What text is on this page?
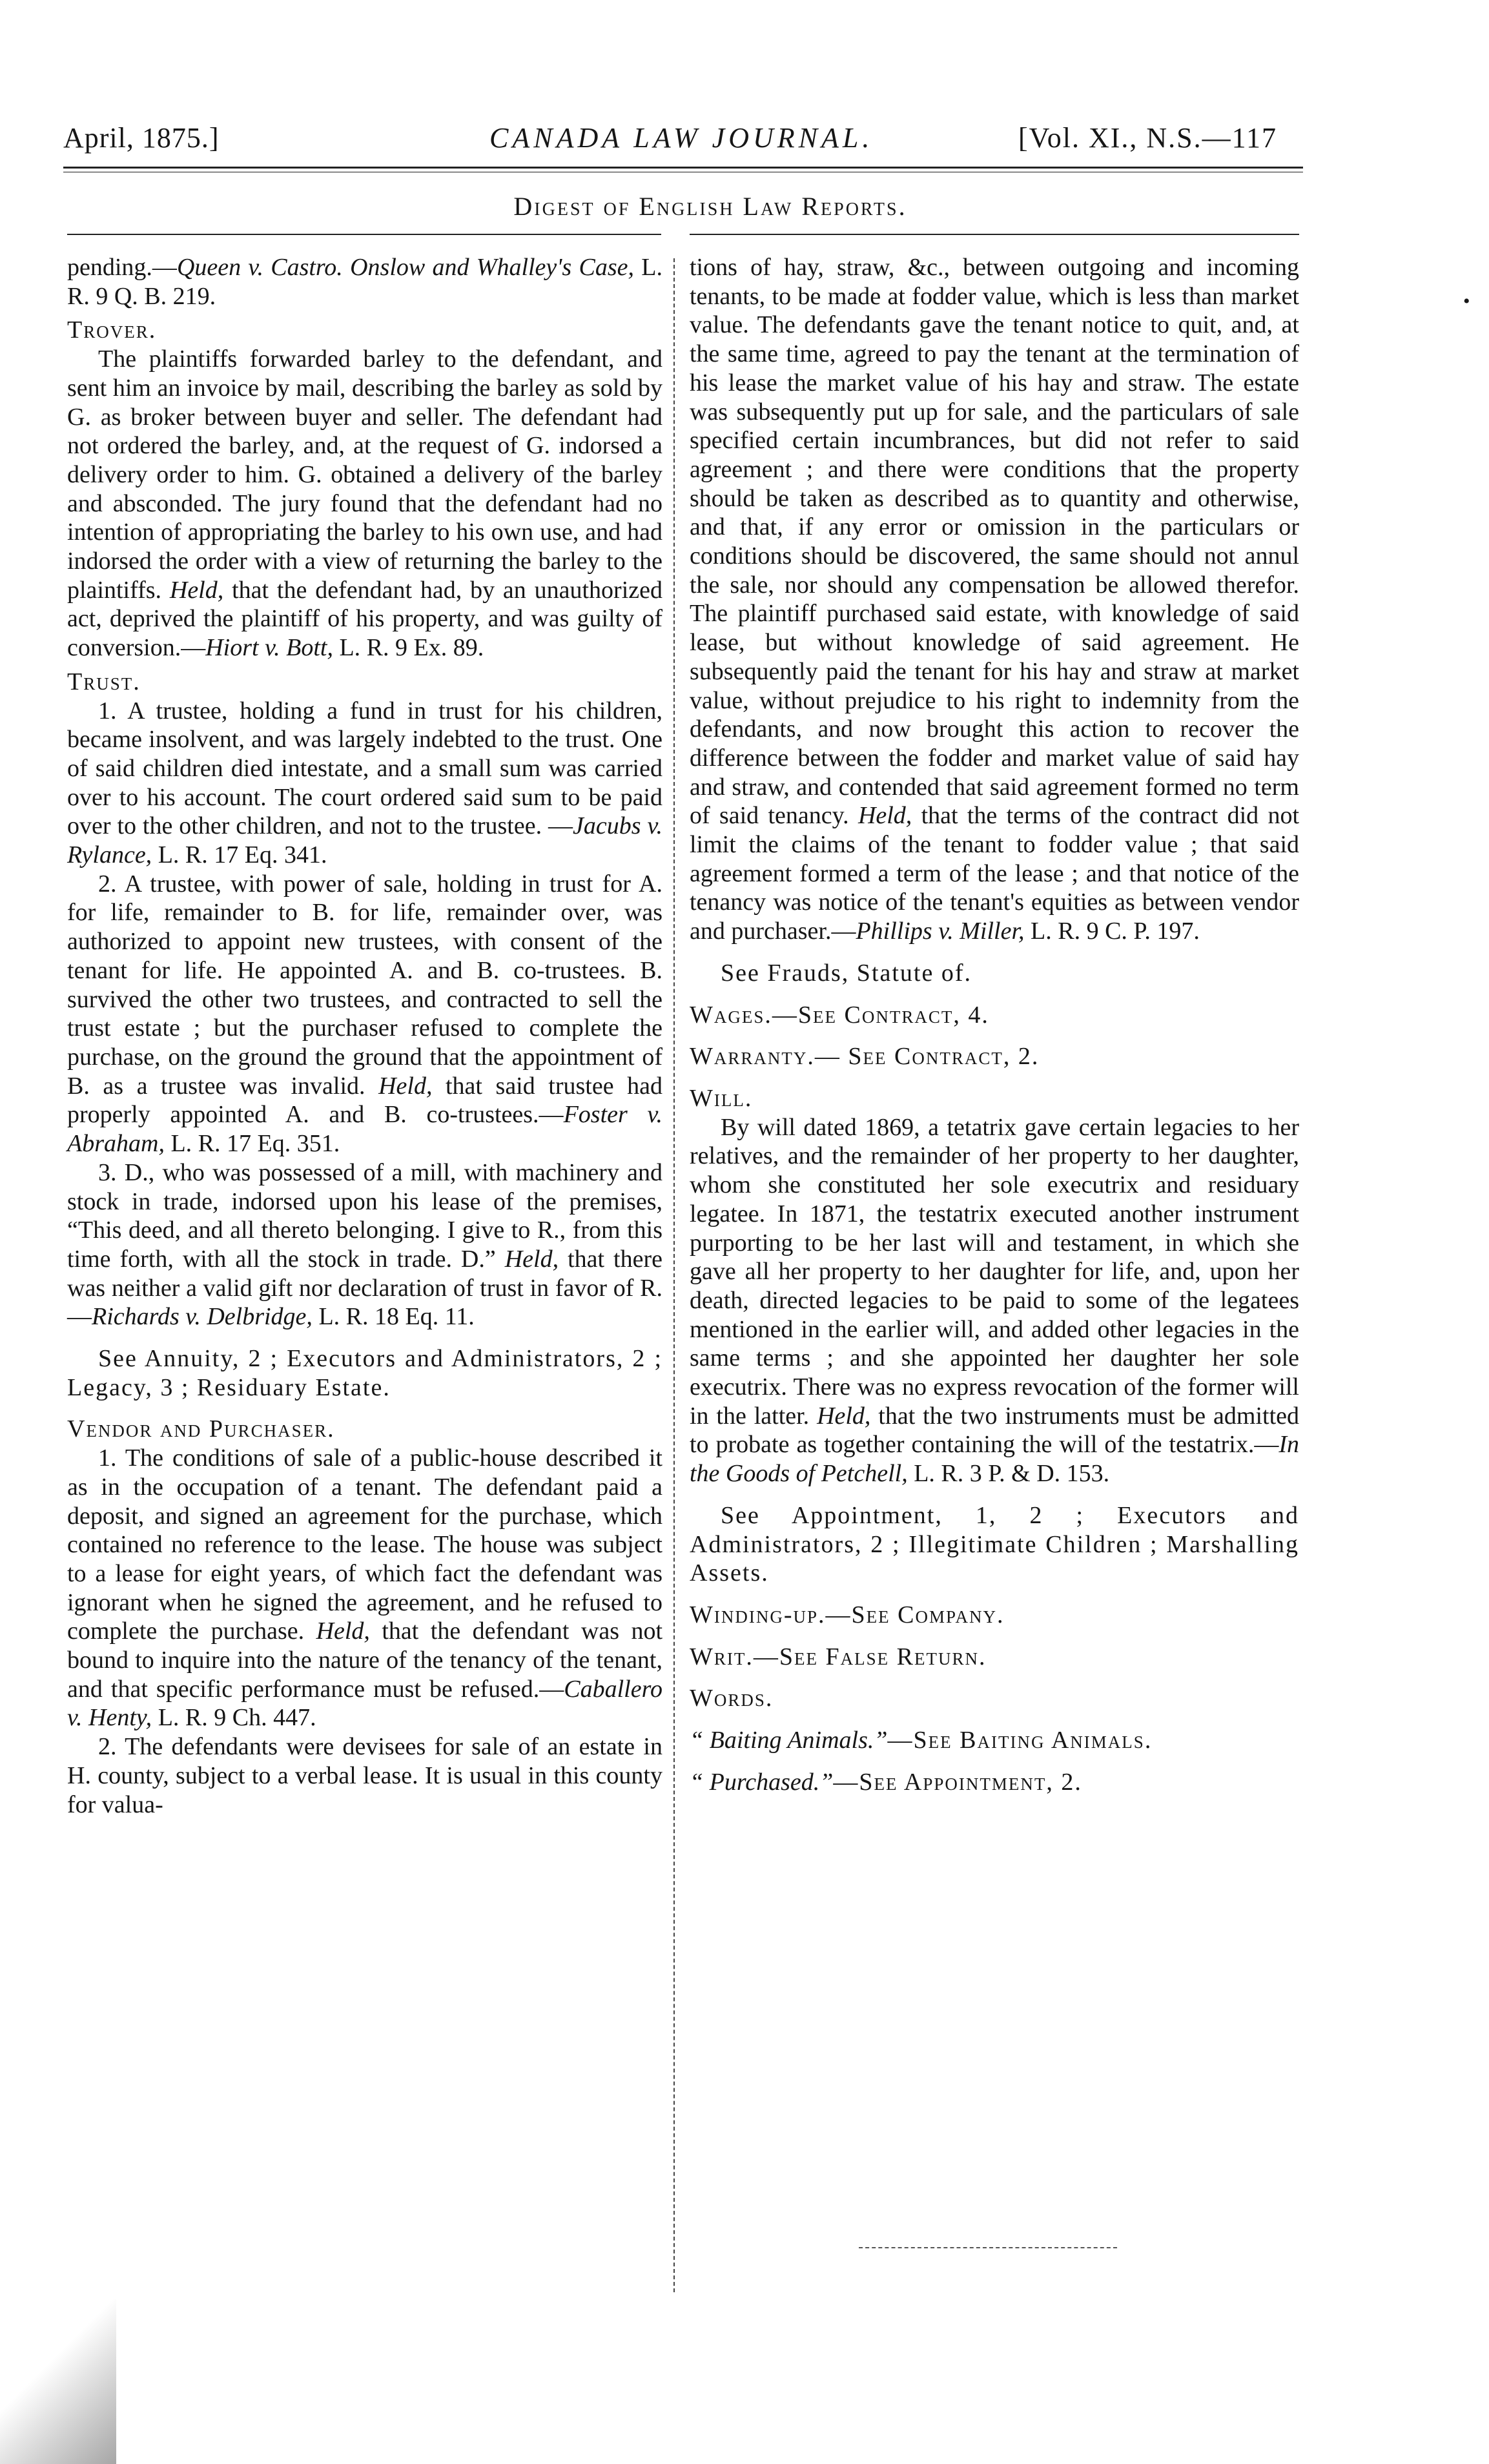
April, 1875.]	CANADA LAW JOURNAL.	[Vol. XI., N.S.—117
Digest of English Law Reports.

pending.—Queen v. Castro. Onslow and Whalley's Case, L. R. 9 Q. B. 219.

Trover.

The plaintiffs forwarded barley to the defendant, and sent him an invoice by mail, describing the barley as sold by G. as broker between buyer and seller. The defendant had not ordered the barley, and, at the request of G. indorsed a delivery order to him. G. obtained a delivery of the barley and absconded. The jury found that the defendant had no intention of appropriating the barley to his own use, and had indorsed the order with a view of returning the barley to the plaintiffs. Held, that the defendant had, by an unauthorized act, deprived the plaintiff of his property, and was guilty of conversion.—Hiort v. Bott, L. R. 9 Ex. 89.

Trust.

1. A trustee, holding a fund in trust for his children, became insolvent, and was largely indebted to the trust. One of said children died intestate, and a small sum was carried over to his account. The court ordered said sum to be paid over to the other children, and not to the trustee. —Jacubs v. Rylance, L. R. 17 Eq. 341.

2. A trustee, with power of sale, holding in trust for A. for life, remainder to B. for life, remainder over, was authorized to appoint new trustees, with consent of the tenant for life. He appointed A. and B. co-trustees. B. survived the other two trustees, and contracted to sell the trust estate ; but the purchaser refused to complete the purchase, on the ground the ground that the appointment of B. as a trustee was invalid. Held, that said trustee had properly appointed A. and B. co-trustees.—Foster v. Abraham, L. R. 17 Eq. 351.

3. D., who was possessed of a mill, with machinery and stock in trade, indorsed upon his lease of the premises, “This deed, and all thereto belonging. I give to R., from this time forth, with all the stock in trade. D.” Held, that there was neither a valid gift nor declaration of trust in favor of R.—Richards v. Delbridge, L. R. 18 Eq. 11.

See Annuity, 2 ; Executors and Administrators, 2 ; Legacy, 3 ; Residuary Estate.

Vendor and Purchaser.

1. The conditions of sale of a public-house described it as in the occupation of a tenant. The defendant paid a deposit, and signed an agreement for the purchase, which contained no reference to the lease. The house was subject to a lease for eight years, of which fact the defendant was ignorant when he signed the agreement, and he refused to complete the purchase. Held, that the defendant was not bound to inquire into the nature of the tenancy of the tenant, and that specific performance must be refused.—Caballero v. Henty, L. R. 9 Ch. 447.

2. The defendants were devisees for sale of an estate in H. county, subject to a verbal lease. It is usual in this county for valua-

tions of hay, straw, &c., between outgoing and incoming tenants, to be made at fodder value, which is less than market value. The defendants gave the tenant notice to quit, and, at the same time, agreed to pay the tenant at the termination of his lease the market value of his hay and straw. The estate was subsequently put up for sale, and the particulars of sale specified certain incumbrances, but did not refer to said agreement ; and there were conditions that the property should be taken as described as to quantity and otherwise, and that, if any error or omission in the particulars or conditions should be discovered, the same should not annul the sale, nor should any compensation be allowed therefor. The plaintiff purchased said estate, with knowledge of said lease, but without knowledge of said agreement. He subsequently paid the tenant for his hay and straw at market value, without prejudice to his right to indemnity from the defendants, and now brought this action to recover the difference between the fodder and market value of said hay and straw, and contended that said agreement formed no term of said tenancy. Held, that the terms of the contract did not limit the claims of the tenant to fodder value ; that said agreement formed a term of the lease ; and that notice of the tenancy was notice of the tenant's equities as between vendor and purchaser.—Phillips v. Miller, L. R. 9 C. P. 197.

See Frauds, Statute of.

Wages.—See Contract, 4.

Warranty.— See Contract, 2.

Will.

By will dated 1869, a tetatrix gave certain legacies to her relatives, and the remainder of her property to her daughter, whom she constituted her sole executrix and residuary legatee. In 1871, the testatrix executed another instrument purporting to be her last will and testament, in which she gave all her property to her daughter for life, and, upon her death, directed legacies to be paid to some of the legatees mentioned in the earlier will, and added other legacies in the same terms ; and she appointed her daughter her sole executrix. There was no express revocation of the former will in the latter. Held, that the two instruments must be admitted to probate as together containing the will of the testatrix.—In the Goods of Petchell, L. R. 3 P. & D. 153.

See Appointment, 1, 2 ; Executors and Administrators, 2 ; Illegitimate Children ; Marshalling Assets.

Winding-up.—See Company.

Writ.—See False Return.

Words.

“ Baiting Animals.”—See Baiting Animals.

“ Purchased.”—See Appointment, 2.

•
